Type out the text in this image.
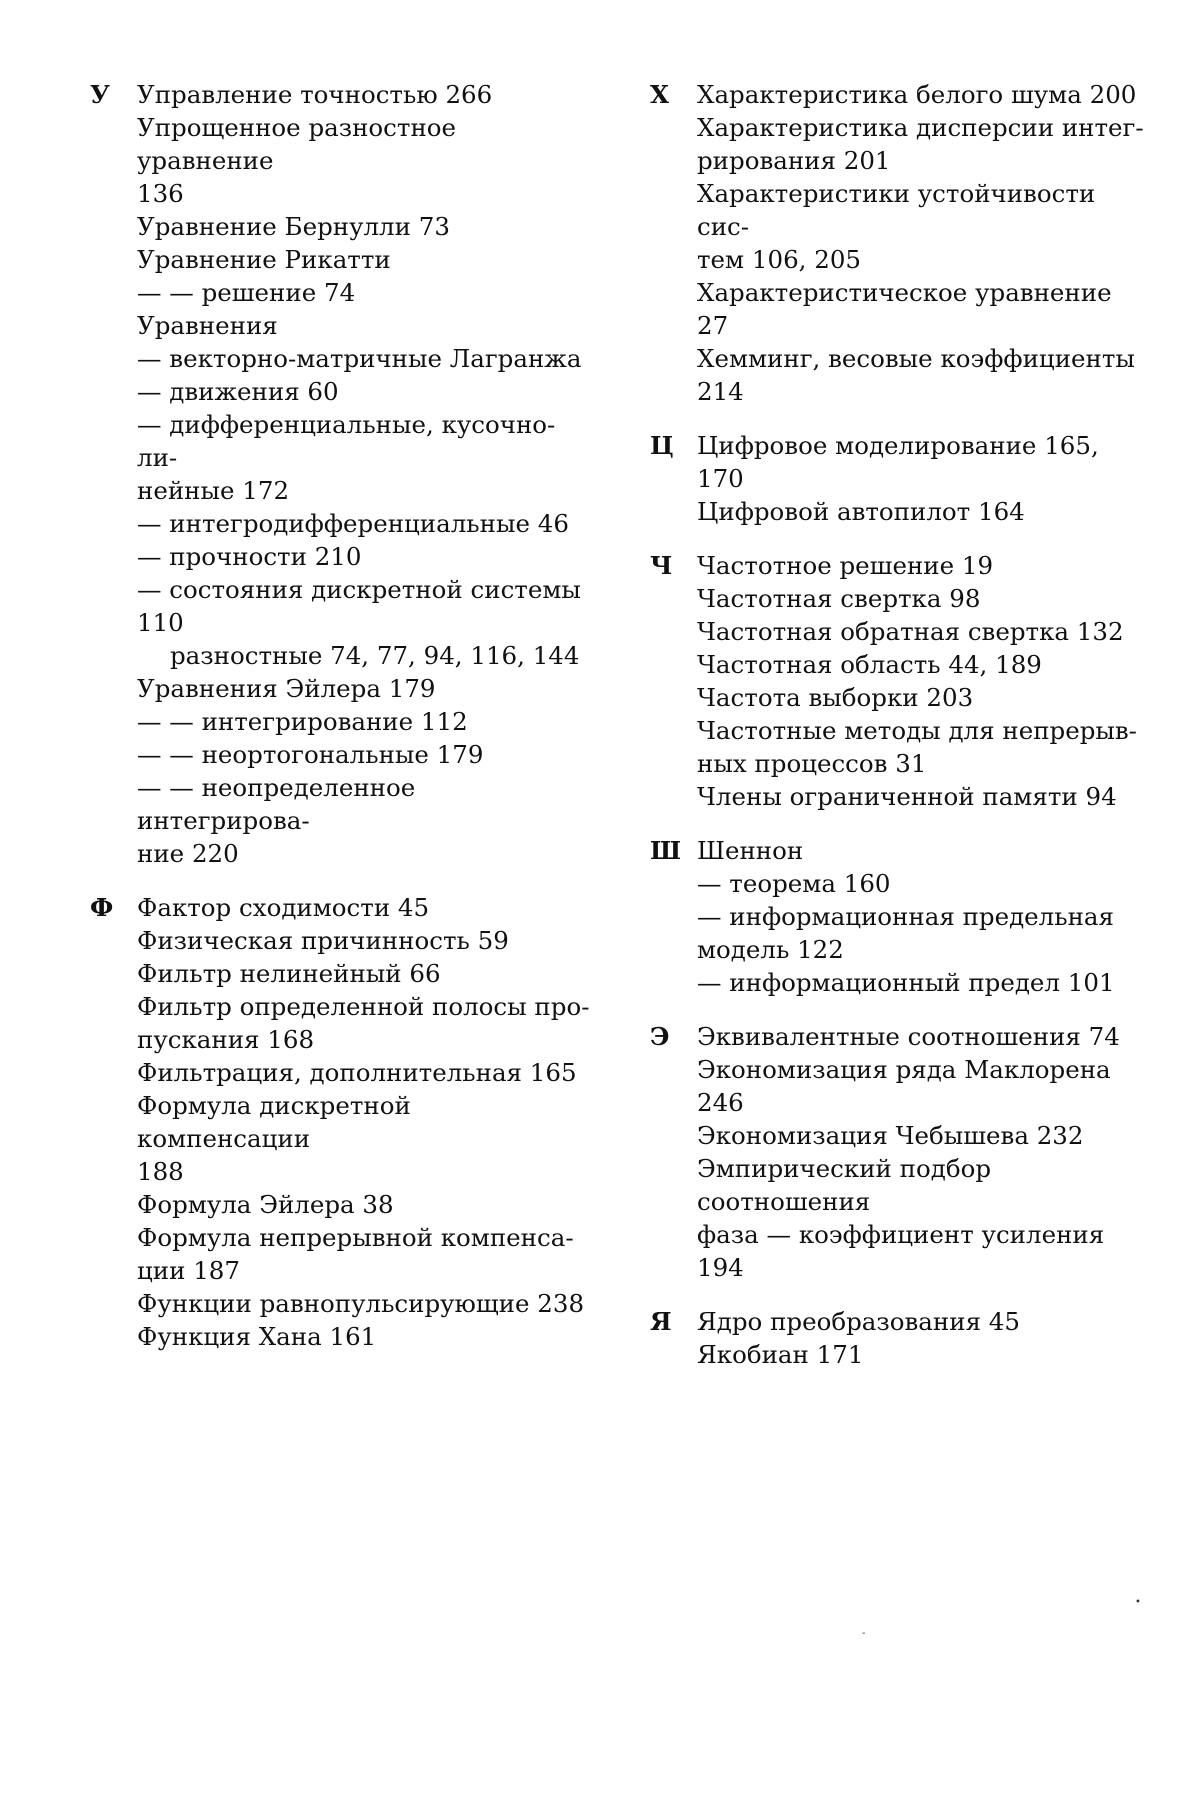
У Управление точностью 266
Упрощенное разностное уравнение
136
Уравнение Бернулли 73
Уравнение Рикатти
— — решение 74
Уравнения
— векторно-матричные Лагранжа
— движения 60
— дифференциальные, кусочно-ли-
нейные 172
— интегродифференциальные 46
— прочности 210
— состояния дискретной системы
110
разностные 74, 77, 94, 116, 144
Уравнения Эйлера 179
— — интегрирование 112
— — неортогональные 179
— — неопределенное интегрирова-
ние 220
Ф Фактор сходимости 45
Физическая причинность 59
Фильтр нелинейный 66
Фильтр определенной полосы про-
пускания 168
Фильтрация, дополнительная 165
Формула дискретной компенсации
188
Формула Эйлера 38
Формула непрерывной компенса-
ции 187
Функции равнопульсирующие 238
Функция Хана 161
Х Характеристика белого шума 200
Характеристика дисперсии интег-
рирования 201
Характеристики устойчивости сис-
тем 106, 205
Характеристическое уравнение 27
Хемминг, весовые коэффициенты
214
Ц Цифровое моделирование 165, 170
Цифровой автопилот 164
Ч Частотное решение 19
Частотная свертка 98
Частотная обратная свертка 132
Частотная область 44, 189
Частота выборки 203
Частотные методы для непрерыв-
ных процессов 31
Члены ограниченной памяти 94
Ш Шеннон
— теорема 160
— информационная предельная
модель 122
— информационный предел 101
Э Эквивалентные соотношения 74
Экономизация ряда Маклорена
246
Экономизация Чебышева 232
Эмпирический подбор соотношения
фаза — коэффициент усиления
194
Я Ядро преобразования 45
Якобиан 171
•
-
